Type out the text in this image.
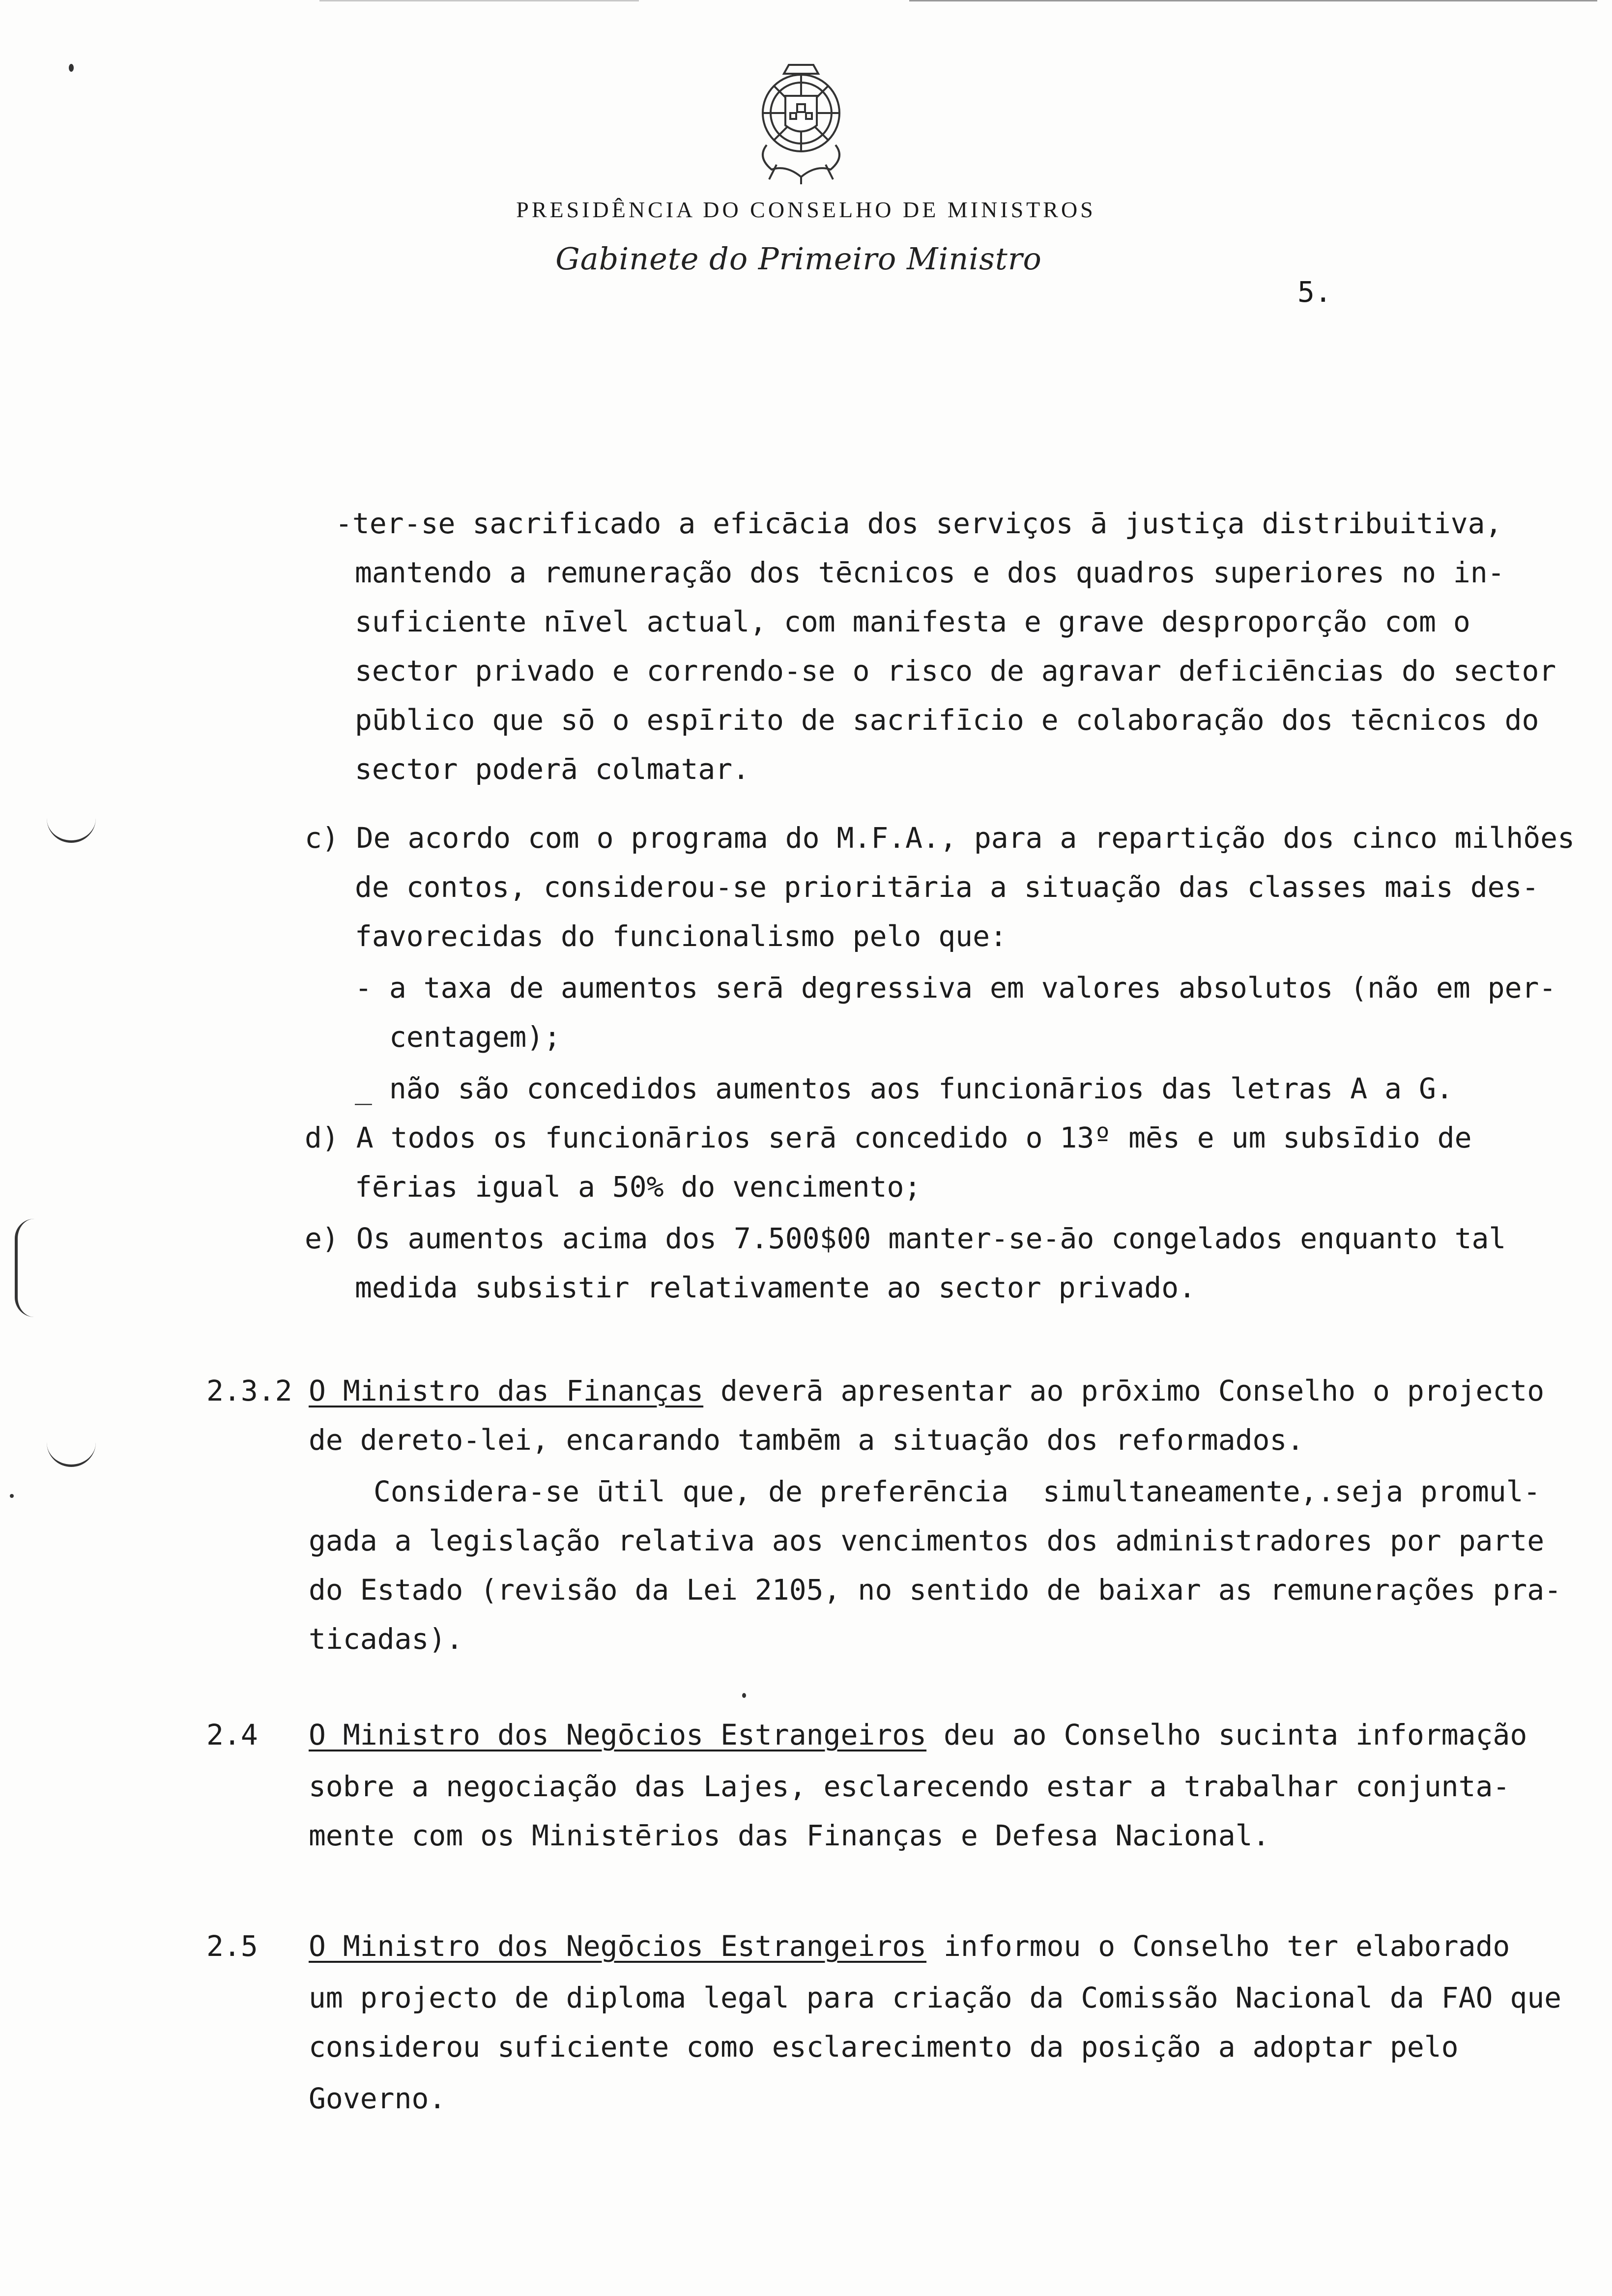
PRESIDÊNCIA DO CONSELHO DE MINISTROS
Gabinete do Primeiro Ministro
5.
-ter-se sacrificado a eficācia dos serviços ā justiça distribuitiva,
mantendo a remuneração dos tēcnicos e dos quadros superiores no in-
suficiente nīvel actual, com manifesta e grave desproporção com o
sector privado e correndo-se o risco de agravar deficiēncias do sector
pūblico que sō o espīrito de sacrifīcio e colaboração dos tēcnicos do
sector poderā colmatar.
c) De acordo com o programa do M.F.A., para a repartição dos cinco milhões
de contos, considerou-se prioritāria a situação das classes mais des-
favorecidas do funcionalismo pelo que:
- a taxa de aumentos serā degressiva em valores absolutos (não em per-
centagem);
_ não são concedidos aumentos aos funcionārios das letras A a G.
d) A todos os funcionārios serā concedido o 13º mēs e um subsīdio de
fērias igual a 50% do vencimento;
e) Os aumentos acima dos 7.500$00 manter-se-āo congelados enquanto tal
medida subsistir relativamente ao sector privado.
2.3.2 O Ministro das Finanças deverā apresentar ao prōximo Conselho o projecto
de dereto-lei, encarando tambēm a situação dos reformados.
Considera-se ūtil que, de preferēncia  simultaneamente,.seja promul-
gada a legislação relativa aos vencimentos dos administradores por parte
do Estado (revisão da Lei 2105, no sentido de baixar as remunerações pra-
ticadas).
2.4 O Ministro dos Negōcios Estrangeiros deu ao Conselho sucinta informação
sobre a negociação das Lajes, esclarecendo estar a trabalhar conjunta-
mente com os Ministērios das Finanças e Defesa Nacional.
2.5 O Ministro dos Negōcios Estrangeiros informou o Conselho ter elaborado
um projecto de diploma legal para criação da Comissão Nacional da FAO que
considerou suficiente como esclarecimento da posição a adoptar pelo
Governo.
